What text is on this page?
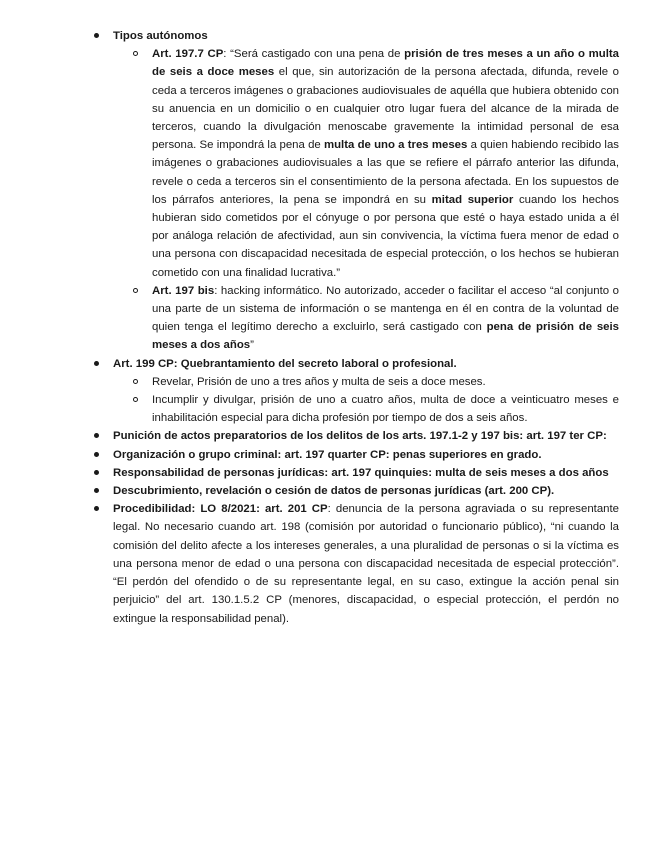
Tipos autónomos
Art. 197.7 CP: “Será castigado con una pena de prisión de tres meses a un año o multa de seis a doce meses el que, sin autorización de la persona afectada, difunda, revele o ceda a terceros imágenes o grabaciones audiovisuales de aquélla que hubiera obtenido con su anuencia en un domicilio o en cualquier otro lugar fuera del alcance de la mirada de terceros, cuando la divulgación menoscabe gravemente la intimidad personal de esa persona. Se impondrá la pena de multa de uno a tres meses a quien habiendo recibido las imágenes o grabaciones audiovisuales a las que se refiere el párrafo anterior las difunda, revele o ceda a terceros sin el consentimiento de la persona afectada. En los supuestos de los párrafos anteriores, la pena se impondrá en su mitad superior cuando los hechos hubieran sido cometidos por el cónyuge o por persona que esté o haya estado unida a él por análoga relación de afectividad, aun sin convivencia, la víctima fuera menor de edad o una persona con discapacidad necesitada de especial protección, o los hechos se hubieran cometido con una finalidad lucrativa.”
Art. 197 bis: hacking informático. No autorizado, acceder o facilitar el acceso “al conjunto o una parte de un sistema de información o se mantenga en él en contra de la voluntad de quien tenga el legítimo derecho a excluirlo, será castigado con pena de prisión de seis meses a dos años”
Art. 199 CP: Quebrantamiento del secreto laboral o profesional.
Revelar, Prisión de uno a tres años y multa de seis a doce meses.
Incumplir y divulgar, prisión de uno a cuatro años, multa de doce a veinticuatro meses e inhabilitación especial para dicha profesión por tiempo de dos a seis años.
Punición de actos preparatorios de los delitos de los arts. 197.1-2 y 197 bis: art. 197 ter CP:
Organización o grupo criminal: art. 197 quarter CP: penas superiores en grado.
Responsabilidad de personas jurídicas: art. 197 quinquies: multa de seis meses a dos años
Descubrimiento, revelación o cesión de datos de personas jurídicas (art. 200 CP).
Procedibilidad: LO 8/2021: art. 201 CP: denuncia de la persona agraviada o su representante legal. No necesario cuando art. 198 (comisión por autoridad o funcionario público), “ni cuando la comisión del delito afecte a los intereses generales, a una pluralidad de personas o si la víctima es una persona menor de edad o una persona con discapacidad necesitada de especial protección”. “El perdón del ofendido o de su representante legal, en su caso, extingue la acción penal sin perjuicio” del art. 130.1.5.2 CP (menores, discapacidad, o especial protección, el perdón no extingue la responsabilidad penal).
